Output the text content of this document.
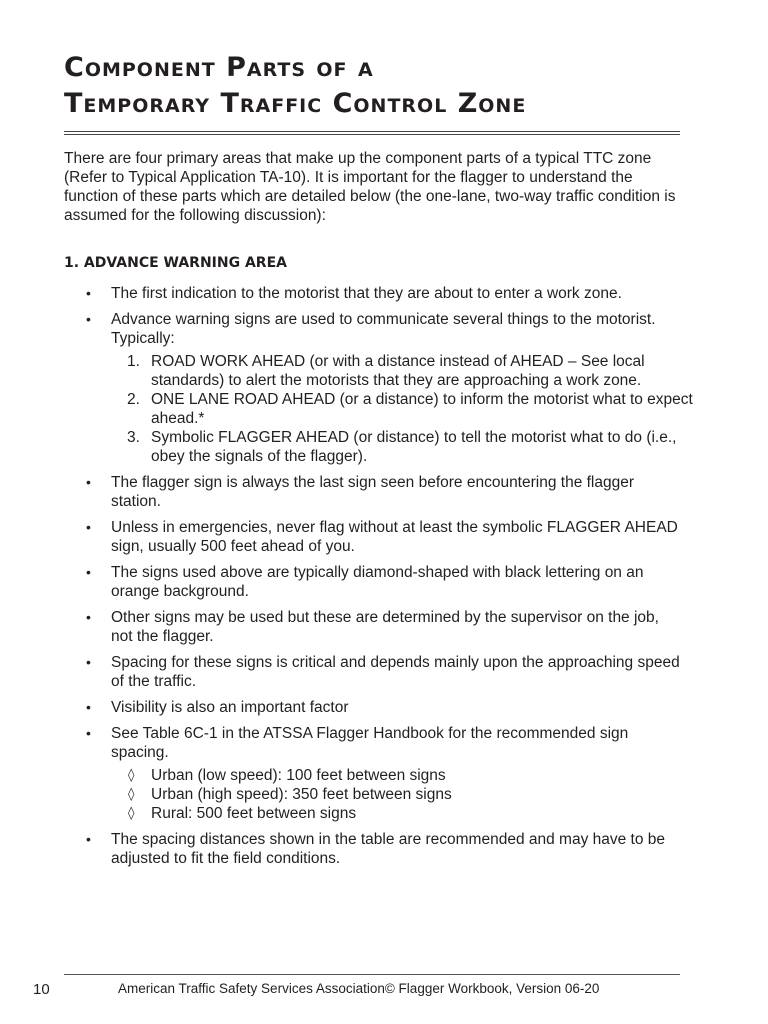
Component Parts of a
Temporary Traffic Control Zone

There are four primary areas that make up the component parts of a typical TTC zone (Refer to Typical Application TA-10). It is important for the flagger to understand the function of these parts which are detailed below (the one-lane, two-way traffic condition is assumed for the following discussion):

1. ADVANCE WARNING AREA
• The first indication to the motorist that they are about to enter a work zone.
• Advance warning signs are used to communicate several things to the motorist. Typically:
1. ROAD WORK AHEAD (or with a distance instead of AHEAD – See local standards) to alert the motorists that they are approaching a work zone.
2. ONE LANE ROAD AHEAD (or a distance) to inform the motorist what to expect ahead.*
3. Symbolic FLAGGER AHEAD (or distance) to tell the motorist what to do (i.e., obey the signals of the flagger).
• The flagger sign is always the last sign seen before encountering the flagger station.
• Unless in emergencies, never flag without at least the symbolic FLAGGER AHEAD sign, usually 500 feet ahead of you.
• The signs used above are typically diamond-shaped with black lettering on an orange background.
• Other signs may be used but these are determined by the supervisor on the job, not the flagger.
• Spacing for these signs is critical and depends mainly upon the approaching speed of the traffic.
• Visibility is also an important factor
• See Table 6C-1 in the ATSSA Flagger Handbook for the recommended sign spacing.
◊ Urban (low speed): 100 feet between signs
◊ Urban (high speed): 350 feet between signs
◊ Rural: 500 feet between signs
• The spacing distances shown in the table are recommended and may have to be adjusted to fit the field conditions.
10	American Traffic Safety Services Association© Flagger Workbook, Version 06-20
